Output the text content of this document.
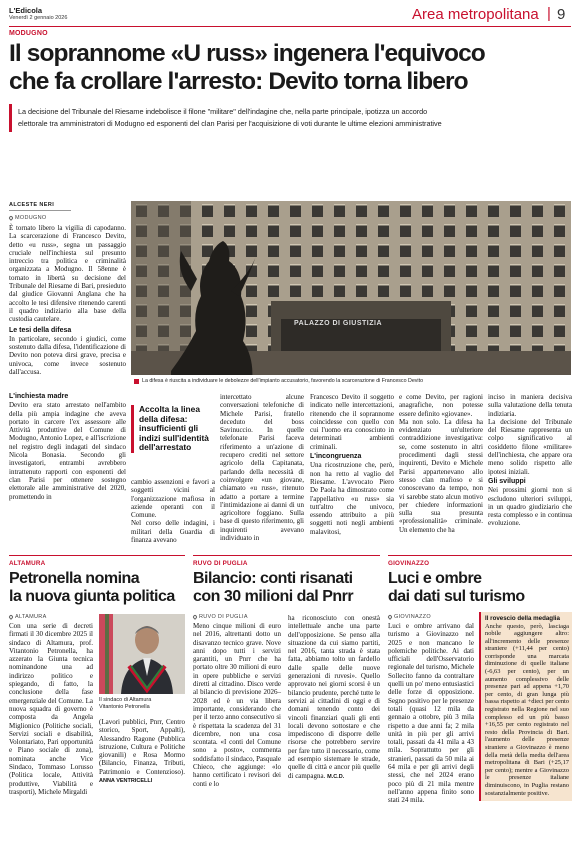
L'Edicola
Venerdì 2 gennaio 2026	Area metropolitana | 9
MODUGNO
Il soprannome «U russ» ingenera l'equivoco
che fa crollare l'arresto: Devito torna libero
La decisione del Tribunale del Riesame indebolisce il filone "militare" dell'indagine che, nella parte principale, ipotizza un accordo
elettorale tra amministratori di Modugno ed esponenti del clan Parisi per l'acquisizione di voti durante le ultime elezioni amministrative
ALCESTE NERI
MODUGNO

È tornato libero la vigilia di capodanno. La scarcerazione di Francesco Devito, detto «u russ», segna un passaggio cruciale nell'inchiesta sul presunto intreccio tra politica e criminalità organizzata a Modugno. Il 58enne è tornato in libertà su decisione del Tribunale del Riesame di Bari, presieduto dal giudice Giovanni Anglana che ha accolto le tesi difensive ritenendo carenti il quadro indiziario alla base della custodia cautelare.

Le tesi della difesa

In particolare, secondo i giudici, come sostenuto dalla difesa, l'identificazione di Devito non poteva dirsi grave, precisa e univoca, come invece sostenuto dall'accusa.

PALAZZO DI GIUSTIZIA
La difesa è riuscita a individuare le debolezze dell'impianto accusatorio, favorendo la scarcerazione di Francesco Devito
L'inchiesta madre

Devito era stato arrestato nell'ambito della più ampia indagine che aveva portato in carcere l'ex assessore alle Attività produttive del Comune di Modugno, Antonio Lopez, e all'iscrizione nel registro degli indagati del sindaco Nicola Bonasia. Secondo gli investigatori, entrambi avrebbero intrattenuto rapporti con esponenti del clan Parisi per ottenere sostegno elettorale alle amministrative del 2020, promettendo in

Accolta la linea della difesa: insufficienti gli indizi sull'identità dell'arrestato

cambio assenzioni e favori a soggetti vicini al l'organizzazione mafiosa in aziende operanti con il Comune.
Nel corso delle indagini, i militari della Guardia di finanza avevano

intercettato alcune conversazioni telefoniche di Michele Parisi, fratello deceduto del boss Savinuccio. In quelle telefonate Parisi faceva riferimento a un'azione di recupero crediti nel settore agricolo della Capitanata, parlando della necessità di coinvolgere «un giovane, chiamato «u russ», ritenuto adatto a portare a termine l'intimidazione ai danni di un agricoltore foggiano. Sulla base di questo riferimento, gli inquirenti avevano individuato in

Francesco Devito il soggetto indicato nelle intercettazioni, ritenendo che il soprannome coincidesse con quello con cui l'uomo era conosciuto in determinati ambienti criminali.

L'incongruenza

Una ricostruzione che, però, non ha retto al vaglio del Riesame. L'avvocato Piero De Paola ha dimostrato come l'appellativo «u russ» sia tutt'altro che univoco, essendo attribuito a più soggetti noti negli ambienti malavitosi,

e come Devito, per ragioni anagrafiche, non potesse essere definito «giovane».
Ma non solo. La difesa ha evidenziato un'ulteriore contraddizione investigativa: se, come sostenuto in altri procedimenti dagli stessi inquirenti, Devito e Michele Parisi appartenevano allo stesso clan mafioso e si conoscevano da tempo, non vi sarebbe stato alcun motivo per chiedere informazioni sulla sua presunta «professionalità» criminale. Un elemento che ha

inciso in maniera decisiva sulla valutazione della tenuta indiziaria.
La decisione del Tribunale del Riesame rappresenta un colpo significativo al cosiddetto filone «militare» dell'inchiesta, che appare ora meno solido rispetto alle ipotesi iniziali.

Gli sviluppi

Nei prossimi giorni non si escludono ulteriori sviluppi, in un quadro giudiziario che resta complesso e in continua evoluzione.

ALTAMURA
Petronella nomina
la nuova giunta politica
ALTAMURA

Con una serie di decreti firmati il 30 dicembre 2025 il sindaco di Altamura, prof. Vitantonio Petronella, ha azzerato la Giunta tecnica nominandone una ad indirizzo politico e spiegando, di fatto, la conclusione della fase emergenziale del Comune. La nuova squadra di governo è composta da Angela Miglionico (Politiche sociali, Servizi sociali e disabilità, Volontariato, Pari opportunità e Piano sociale di zona), nominata anche Vice Sindaco, Tommaso Lorusso (Politica locale, Attività produttive, Viabilità e trasporti), Michele Mirgaldi

Il sindaco di Altamura
Vitantonio Petronella

(Lavori pubblici, Pnrr, Centro storico, Sport, Appalti), Alessandro Ragone (Pubblica istruzione, Cultura e Politiche giovanili) e Rosa Mormo (Bilancio, Finanza, Tributi, Patrimonio e Contenzioso). ANNA VENTRICELLI

RUVO DI PUGLIA
Bilancio: conti risanati
con 30 milioni dal Pnrr
RUVO DI PUGLIA

Meno cinque milioni di euro nel 2016, altrettanti dotto un disavanzo tecnico grave. Nove anni dopo tutti i servizi garantiti, un Pnrr che ha portato oltre 30 milioni di euro in opere pubbliche e servizi diretti al cittadino. Disco verde al bilancio di previsione 2026–2028 ed è un via libera importante, considerando che per il terzo anno consecutivo si è rispettata la scadenza del 31 dicembre, non una cosa scontata. «I conti del Comune sono a posto», commenta soddisfatto il sindaco, Pasquale Chieco, che aggiunge: «lo hanno certificato i revisori dei conti e lo

ha riconosciuto con onestà intellettuale anche una parte dell'opposizione. Se penso alla situazione da cui siamo partiti, nel 2016, tanta strada è stata fatta, abbiamo tolto un fardello dalle spalle delle nuove generazioni di ruvesi». Quello approvato nei giorni scorsi è un bilancio prudente, perché tutte le servizi ai cittadini di oggi e di domani tenendo conto dei vincoli finanziari quali gli enti locali devono sottostare e che impediscono di disporre delle risorse che potrebbero servire per fare tutto il necessario, come ad esempio sistemare le strade, quelle di città e ancor più quelle di campagna. M.C.D.

GIOVINAZZO
Luci e ombre
dai dati sul turismo
GIOVINAZZO

Luci e ombre arrivano dal turismo a Giovinazzo nel 2025 e non mancano le polemiche politiche. Ai dati ufficiali dell'Osservatorio regionale del turismo, Michele Sollecito fanno da contraltare quelli un po' meno entusiastici delle forze di opposizione. Segno positivo per le presenze totali (quasi 12 mila da gennaio a ottobre, più 3 mila rispetto a due anni fa; 2 mila unità in più per gli arrivi totali, passati da 41 mila a 43 mila. Soprattutto per gli stranieri, passati da 50 mila ai 64 mila e per gli arrivi degli stessi, che nel 2024 erano poco più di 21 mila mentre nell'anno appena finito sono stati 24 mila.

Il rovescio della medaglia

Anche questo, però, lasciaga nobile aggiungere altro: all'incremento delle presenze straniere (+11,44 per cento) corrisponde una marcata diminuzione di quelle italiane (-6,63 per cento), per un aumento complessivo delle presenze pari ad appena +1,70 per cento, di gran lunga più bassa rispetto ai +dieci per cento registrato nella Regione nel suo complesso ed un più basso +16,55 per cento registrato nel resto della Provincia di Bari. l'aumento delle presenze straniere a Giovinazzo è meno della metà della media dell'area metropolitana di Bari (+25,17 per cento); mentre a Giovinazzo le presenze italiane diminuiscono, in Puglia restano sostanzialmente positive.
